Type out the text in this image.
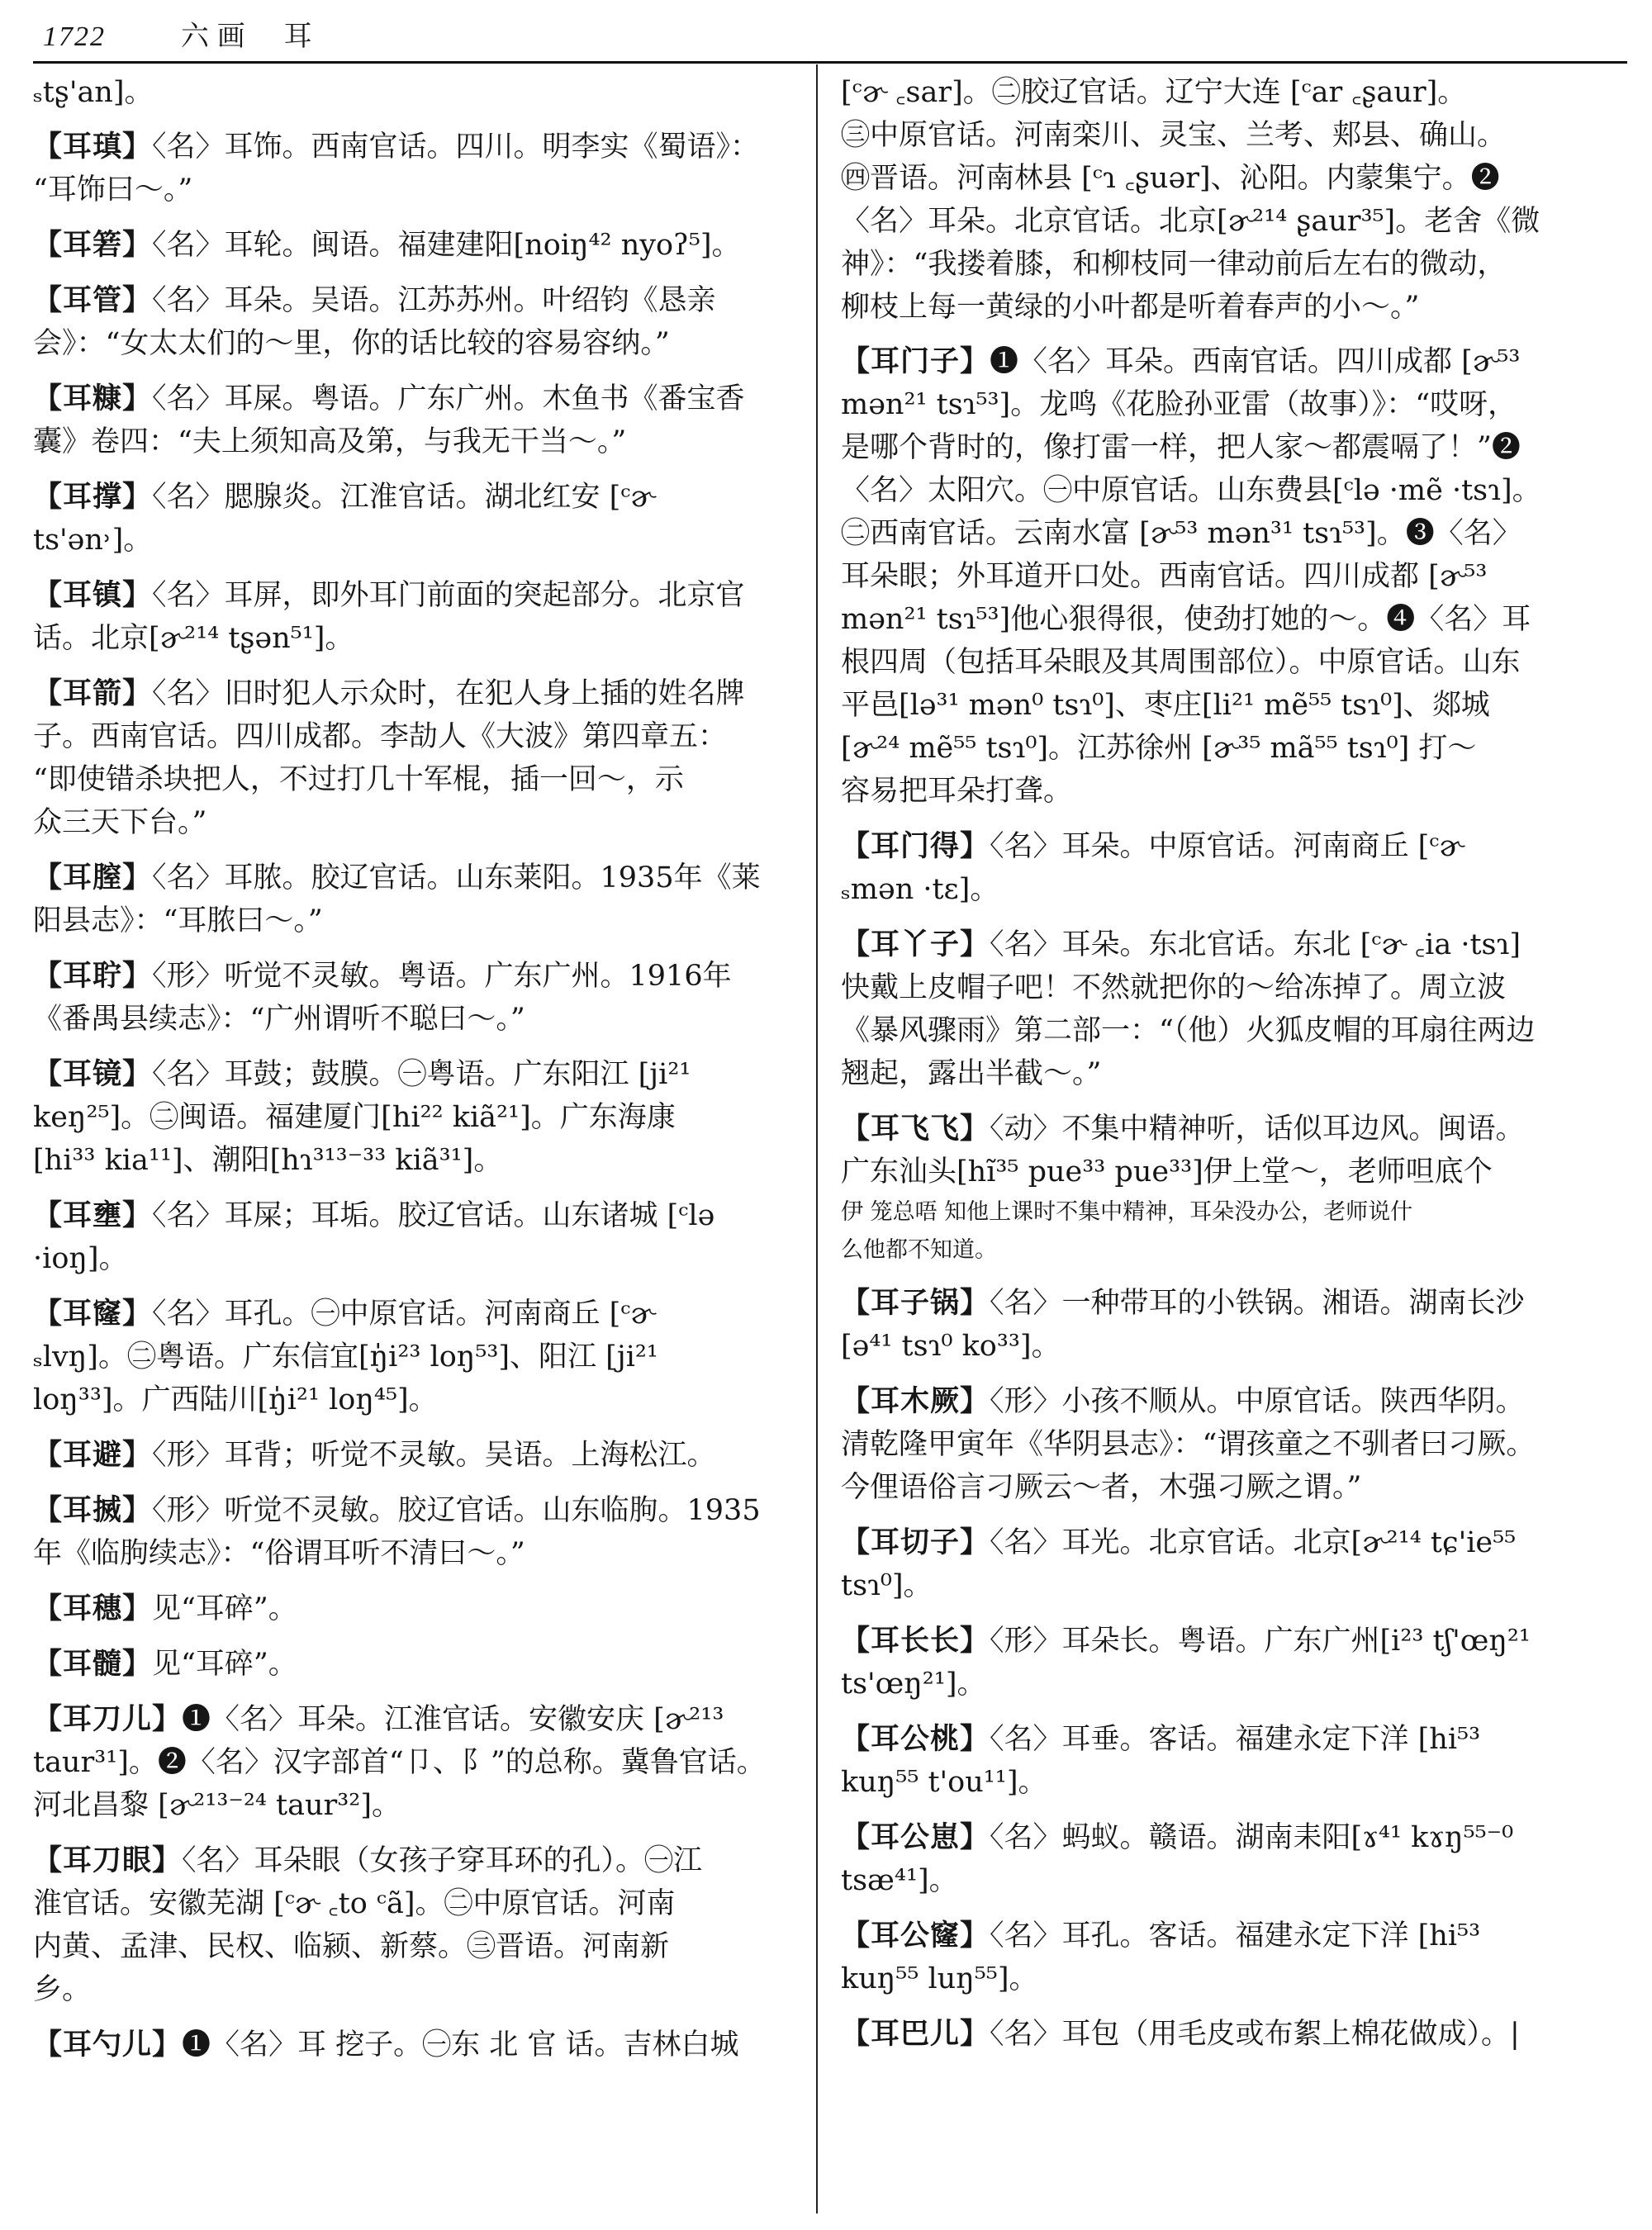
1722	六画 耳
ₛtʂ'an]。
【耳瑱】〈名〉耳饰。西南官话。四川。明李实《蜀语》：
“耳饰曰～。”
【耳箬】〈名〉耳轮。闽语。福建建阳[noiŋ⁴² nyoʔ⁵]。
【耳管】〈名〉耳朵。吴语。江苏苏州。叶绍钧《恳亲
会》：“女太太们的～里，你的话比较的容易容纳。”
【耳糠】〈名〉耳屎。粤语。广东广州。木鱼书《番宝香
囊》卷四：“夫上须知高及第，与我无干当～。”
【耳撑】〈名〉腮腺炎。江淮官话。湖北红安 [ᶜɚ
ts'ən˒]。
【耳镇】〈名〉耳屏，即外耳门前面的突起部分。北京官
话。北京[ɚ²¹⁴ tʂən⁵¹]。
【耳箭】〈名〉旧时犯人示众时，在犯人身上插的姓名牌
子。西南官话。四川成都。李劼人《大波》第四章五：
“即使错杀块把人，不过打几十军棍，插一回～，示
众三天下台。”
【耳膣】〈名〉耳脓。胶辽官话。山东莱阳。1935年《莱
阳县志》：“耳脓曰～。”
【耳聍】〈形〉听觉不灵敏。粤语。广东广州。1916年
《番禺县续志》：“广州谓听不聪曰～。”
【耳镜】〈名〉耳鼓；鼓膜。㊀粤语。广东阳江 [ji²¹
keŋ²⁵]。㊁闽语。福建厦门[hi²² kiã²¹]。广东海康
[hi³³ kia¹¹]、潮阳[hɿ³¹³⁻³³ kiã³¹]。
【耳壅】〈名〉耳屎；耳垢。胶辽官话。山东诸城 [ᶜlə
·ioŋ]。
【耳窿】〈名〉耳孔。㊀中原官话。河南商丘 [ᶜɚ
ₛlvŋ]。㊁粤语。广东信宜[ŋ̍i²³ loŋ⁵³]、阳江 [ji²¹
loŋ³³]。广西陆川[ŋ̍i²¹ loŋ⁴⁵]。
【耳避】〈形〉耳背；听觉不灵敏。吴语。上海松江。
【耳搣】〈形〉听觉不灵敏。胶辽官话。山东临朐。1935
年《临朐续志》：“俗谓耳听不清曰～。”
【耳穗】见“耳碎”。
【耳髓】见“耳碎”。
【耳刀儿】❶〈名〉耳朵。江淮官话。安徽安庆 [ɚ²¹³
taur³¹]。❷〈名〉汉字部首“卩、阝”的总称。冀鲁官话。
河北昌黎 [ɚ²¹³⁻²⁴ taur³²]。
【耳刀眼】〈名〉耳朵眼（女孩子穿耳环的孔）。㊀江
淮官话。安徽芜湖 [ᶜɚ ꜀to ᶜã]。㊁中原官话。河南
内黄、孟津、民权、临颍、新蔡。㊂晋语。河南新
乡。
【耳勺儿】❶〈名〉耳 挖子。㊀东 北 官 话。吉林白城
[ᶜɚ ꜀sar]。㊁胶辽官话。辽宁大连 [ᶜar ꜀ʂaur]。
㊂中原官话。河南栾川、灵宝、兰考、郏县、确山。
㊃晋语。河南林县 [ᶜɿ ꜀ʂuər]、沁阳。内蒙集宁。❷
〈名〉耳朵。北京官话。北京[ɚ²¹⁴ ʂaur³⁵]。老舍《微
神》：“我搂着膝，和柳枝同一律动前后左右的微动，
柳枝上每一黄绿的小叶都是听着春声的小～。”
【耳门子】❶〈名〉耳朵。西南官话。四川成都 [ɚ⁵³
mən²¹ tsɿ⁵³]。龙鸣《花脸孙亚雷（故事）》：“哎呀，
是哪个背时的，像打雷一样，把人家～都震嗝了！”❷
〈名〉太阳穴。㊀中原官话。山东费县[ᶜlə ·mẽ ·tsɿ]。
㊁西南官话。云南水富 [ɚ⁵³ mən³¹ tsɿ⁵³]。❸〈名〉
耳朵眼；外耳道开口处。西南官话。四川成都 [ɚ⁵³
mən²¹ tsɿ⁵³]他心狠得很，使劲打她的～。❹〈名〉耳
根四周（包括耳朵眼及其周围部位）。中原官话。山东
平邑[lə³¹ mən⁰ tsɿ⁰]、枣庄[li²¹ mẽ⁵⁵ tsɿ⁰]、郯城
[ɚ²⁴ mẽ⁵⁵ tsɿ⁰]。江苏徐州 [ɚ³⁵ mã⁵⁵ tsɿ⁰] 打～
容易把耳朵打聋。
【耳门得】〈名〉耳朵。中原官话。河南商丘 [ᶜɚ
ₛmən ·tɛ]。
【耳丫子】〈名〉耳朵。东北官话。东北 [ᶜɚ ꜀ia ·tsɿ]
快戴上皮帽子吧！不然就把你的～给冻掉了。周立波
《暴风骤雨》第二部一：“（他）火狐皮帽的耳扇往两边
翘起，露出半截～。”
【耳飞飞】〈动〉不集中精神听，话似耳边风。闽语。
广东汕头[hĩ³⁵ pue³³ pue³³]伊上堂～，老师呾底个
伊 笼总唔 知他上课时不集中精神，耳朵没办公，老师说什
么他都不知道。
【耳子锅】〈名〉一种带耳的小铁锅。湘语。湖南长沙
[ə⁴¹ tsɿ⁰ ko³³]。
【耳木厥】〈形〉小孩不顺从。中原官话。陕西华阴。
清乾隆甲寅年《华阴县志》：“谓孩童之不驯者曰刁厥。
今俚语俗言刁厥云～者，木强刁厥之谓。”
【耳切子】〈名〉耳光。北京官话。北京[ɚ²¹⁴ tɕ'ie⁵⁵
tsɿ⁰]。
【耳长长】〈形〉耳朵长。粤语。广东广州[i²³ tʃ'œŋ²¹
ts'œŋ²¹]。
【耳公桃】〈名〉耳垂。客话。福建永定下洋 [hi⁵³
kuŋ⁵⁵ t'ou¹¹]。
【耳公崽】〈名〉蚂蚁。赣语。湖南耒阳[ɤ⁴¹ kɤŋ⁵⁵⁻⁰
tsæ⁴¹]。
【耳公窿】〈名〉耳孔。客话。福建永定下洋 [hi⁵³
kuŋ⁵⁵ luŋ⁵⁵]。
【耳巴儿】〈名〉耳包（用毛皮或布絮上棉花做成）。|
